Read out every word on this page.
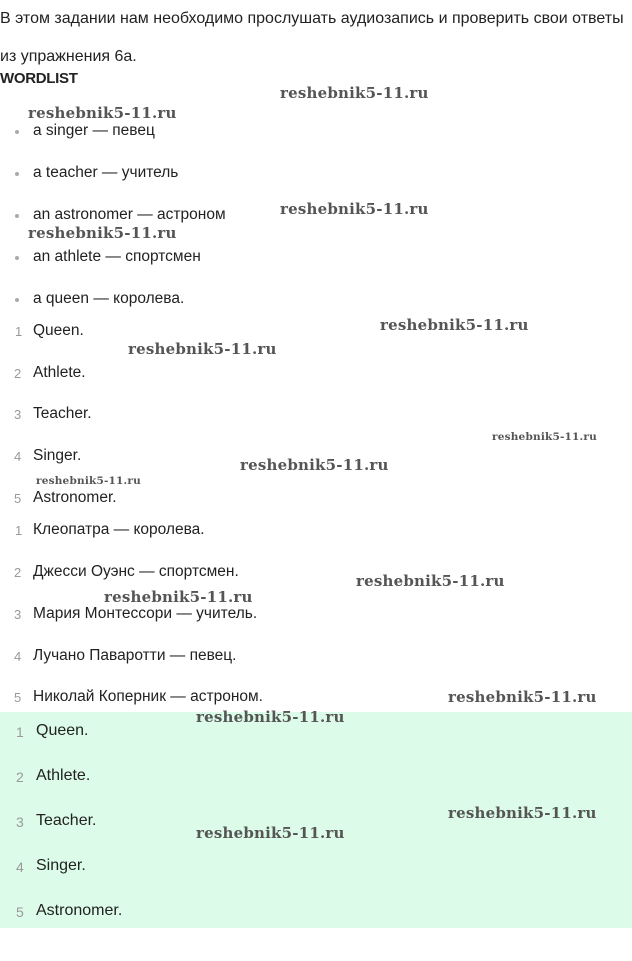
В этом задании нам необходимо прослушать аудиозапись и проверить свои ответы из упражнения 6а.

WORDLIST
a singer — певец
a teacher — учитель
an astronomer — астроном
an athlete — спортсмен
a queen — королева.
1 Queen.
2 Athlete.
3 Teacher.
4 Singer.
5 Astronomer.
1 Клеопатра — королева.
2 Джесси Оуэнс — спортсмен.
3 Мария Монтессори — учитель.
4 Лучано Паваротти — певец.
5 Николай Коперник — астроном.
1 Queen.
2 Athlete.
3 Teacher.
4 Singer.
5 Astronomer.
reshebnik5-11.ru
reshebnik5-11.ru
reshebnik5-11.ru
reshebnik5-11.ru
reshebnik5-11.ru
reshebnik5-11.ru
reshebnik5-11.ru
reshebnik5-11.ru
reshebnik5-11.ru
reshebnik5-11.ru
reshebnik5-11.ru
reshebnik5-11.ru
reshebnik5-11.ru
reshebnik5-11.ru
reshebnik5-11.ru
